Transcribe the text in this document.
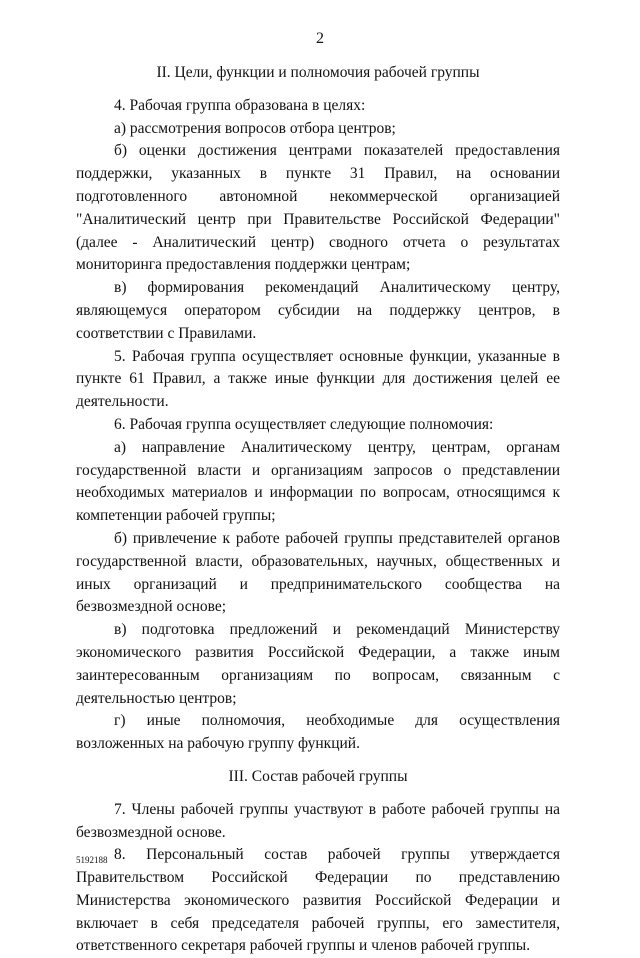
2

II. Цели, функции и полномочия рабочей группы

4. Рабочая группа образована в целях:

а) рассмотрения вопросов отбора центров;

б) оценки достижения центрами показателей предоставления поддержки, указанных в пункте 31 Правил, на основании подготовленного автономной некоммерческой организацией "Аналитический центр при Правительстве Российской Федерации" (далее - Аналитический центр) сводного отчета о результатах мониторинга предоставления поддержки центрам;

в) формирования рекомендаций Аналитическому центру, являющемуся оператором субсидии на поддержку центров, в соответствии с Правилами.

5. Рабочая группа осуществляет основные функции, указанные в пункте 61 Правил, а также иные функции для достижения целей ее деятельности.

6. Рабочая группа осуществляет следующие полномочия:

а) направление Аналитическому центру, центрам, органам государственной власти и организациям запросов о представлении необходимых материалов и информации по вопросам, относящимся к компетенции рабочей группы;

б) привлечение к работе рабочей группы представителей органов государственной власти, образовательных, научных, общественных и иных организаций и предпринимательского сообщества на безвозмездной основе;

в) подготовка предложений и рекомендаций Министерству экономического развития Российской Федерации, а также иным заинтересованным организациям по вопросам, связанным с деятельностью центров;

г) иные полномочия, необходимые для осуществления возложенных на рабочую группу функций.

III. Состав рабочей группы

7. Члены рабочей группы участвуют в работе рабочей группы на безвозмездной основе.

8. Персональный состав рабочей группы утверждается Правительством Российской Федерации по представлению Министерства экономического развития Российской Федерации и включает в себя председателя рабочей группы, его заместителя, ответственного секретаря рабочей группы и членов рабочей группы.

5192188
